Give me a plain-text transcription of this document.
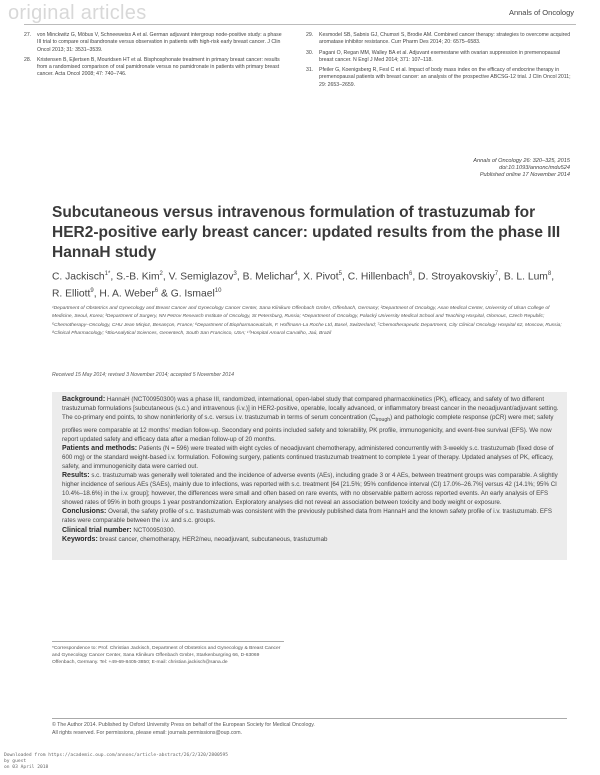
original articles	Annals of Oncology
27. von Minckwitz G, Möbus V, Schneeweiss A et al. German adjuvant intergroup node-positive study: a phase III trial to compare oral ibandronate versus observation in patients with high-risk early breast cancer. J Clin Oncol 2013; 31: 3531–3539.
28. Kristensen B, Ejlertsen B, Mouridsen HT et al. Bisphosphonate treatment in primary breast cancer: results from a randomised comparison of oral pamidronate versus no pamidronate in patients with primary breast cancer. Acta Oncol 2008; 47: 740–746.
29. Kesmodel SB, Sabnis GJ, Chumsri S, Brodie AM. Combined cancer therapy: strategies to overcome acquired aromatase inhibitor resistance. Curr Pharm Des 2014; 20: 6575–6583.
30. Pagani O, Regan MM, Walley BA et al. Adjuvant exemestane with ovarian suppression in premenopausal breast cancer. N Engl J Med 2014; 371: 107–118.
31. Pfeiler G, Koenigsberg R, Fesl C et al. Impact of body mass index on the efficacy of endocrine therapy in premenopausal patients with breast cancer: an analysis of the prospective ABCSG-12 trial. J Clin Oncol 2011; 29: 2653–2659.
Annals of Oncology 26: 320–325, 2015
doi:10.1093/annonc/mdu524
Published online 17 November 2014
Subcutaneous versus intravenous formulation of trastuzumab for HER2-positive early breast cancer: updated results from the phase III HannaH study
C. Jackisch$^{1*}$, S.-B. Kim$^2$, V. Semiglazov$^3$, B. Melichar$^4$, X. Pivot$^5$, C. Hillenbach$^6$, D. Stroyakovskiy$^7$, B. L. Lum$^8$, R. Elliott$^9$, H. A. Weber$^6$ & G. Ismael$^{10}$
¹Department of Obstetrics and Gynecology and Breast Cancer and Gynecology Cancer Center, Sana Klinikum Offenbach GmbH, Offenbach, Germany; ²Department of Oncology, Asan Medical Center, University of Ulsan College of Medicine, Seoul, Korea; ³Department of Surgery, NN Petrov Research Institute of Oncology, St Petersburg, Russia; ⁴Department of Oncology, Palacký University Medical School and Teaching Hospital, Olomouc, Czech Republic; ⁵Chemotherapy–Oncology, CHU Jean Minjoz, Besançon, France; ⁶Department of Biopharmaceuticals, F. Hoffmann-La Roche Ltd, Basel, Switzerland; ⁷Chemotherapeutic Department, City Clinical Oncology Hospital 62, Moscow, Russia; ⁸Clinical Pharmacology; ⁹BioAnalytical Sciences, Genentech, South San Francisco, USA; ¹⁰Hospital Amaral Carvalho, Jaú, Brazil
Received 15 May 2014; revised 3 November 2014; accepted 5 November 2014

Background: HannaH (NCT00950300) was a phase III, randomized, international, open-label study that compared pharmacokinetics (PK), efficacy, and safety of two different trastuzumab formulations [subcutaneous (s.c.) and intravenous (i.v.)] in HER2-positive, operable, locally advanced, or inflammatory breast cancer in the neoadjuvant/adjuvant setting. The co-primary end points, to show noninferiority of s.c. versus i.v. trastuzumab in terms of serum concentration $(C_{trough})$ and pathologic complete response (pCR) were met; safety profiles were comparable at 12 months' median follow-up. Secondary end points included safety and tolerability, PK profile, immunogenicity, and event-free survival (EFS). We now report updated safety and efficacy data after a median follow-up of 20 months.

Patients and methods: Patients (N = 596) were treated with eight cycles of neoadjuvant chemotherapy, administered concurrently with 3-weekly s.c. trastuzumab (fixed dose of 600 mg) or the standard weight-based i.v. formulation. Following surgery, patients continued trastuzumab treatment to complete 1 year of therapy. Updated analyses of PK, efficacy, safety, and immunogenicity data were carried out.

Results: s.c. trastuzumab was generally well tolerated and the incidence of adverse events (AEs), including grade 3 or 4 AEs, between treatment groups was comparable. A slightly higher incidence of serious AEs (SAEs), mainly due to infections, was reported with s.c. treatment [64 [21.5%; 95% confidence interval (CI) 17.0%–26.7%] versus 42 (14.1%; 95% CI 10.4%–18.6%) in the i.v. group]; however, the differences were small and often based on rare events, with no observable pattern across reported events. An early analysis of EFS showed rates of 95% in both groups 1 year postrandomization. Exploratory analyses did not reveal an association between toxicity and body weight or exposure.

Conclusions: Overall, the safety profile of s.c. trastuzumab was consistent with the previously published data from HannaH and the known safety profile of i.v. trastuzumab. EFS rates were comparable between the i.v. and s.c. groups.

Clinical trial number: NCT00950300.

Keywords: breast cancer, chemotherapy, HER2/neu, neoadjuvant, subcutaneous, trastuzumab

*Correspondence to: Prof. Christian Jackisch, Department of Obstetrics and Gynecology & Breast Cancer and Gynecology Cancer Center, Sana Klinikum Offenbach GmbH, Starkenburgring 66, D-63069 Offenbach, Germany. Tel: +49-69-8405-3850; E-mail: christian.jackisch@sana.de
© The Author 2014. Published by Oxford University Press on behalf of the European Society for Medical Oncology.
All rights reserved. For permissions, please email: journals.permissions@oup.com.
Downloaded from https://academic.oup.com/annonc/article-abstract/26/2/320/2800595
by guest
on 03 April 2018
